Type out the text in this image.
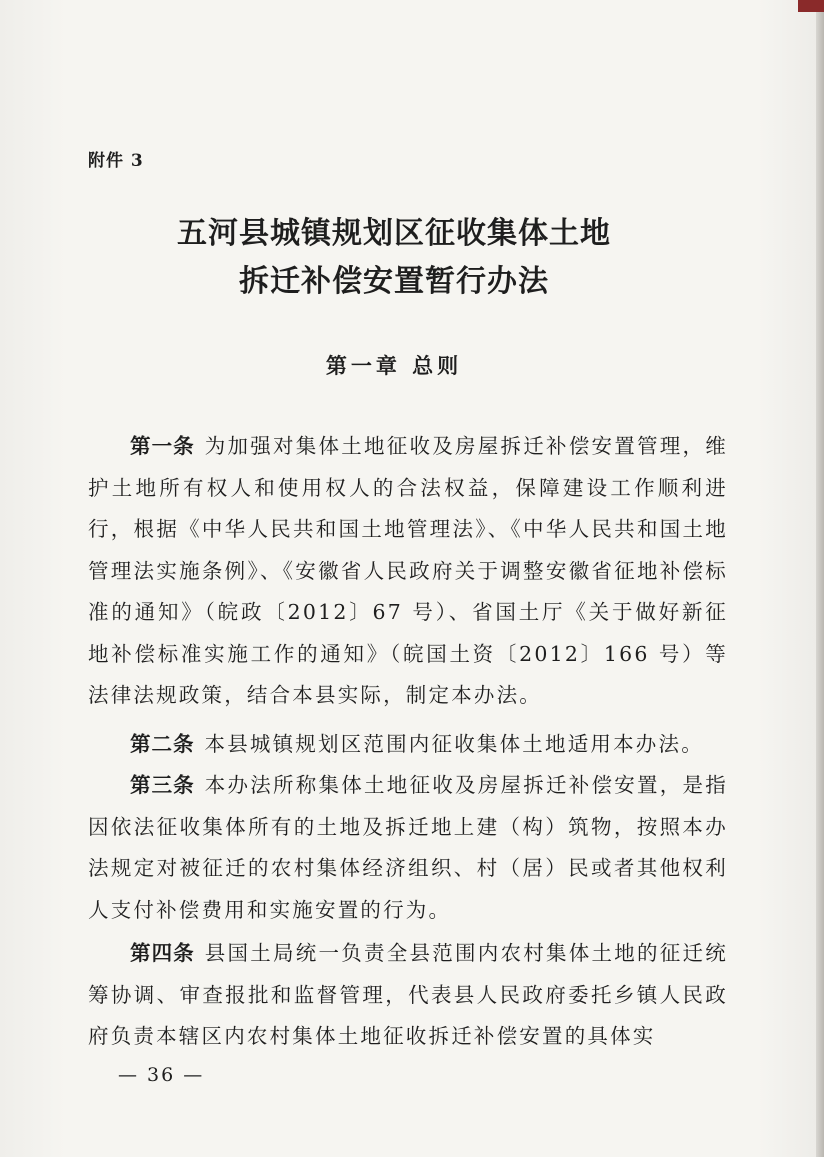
附件 3
五河县城镇规划区征收集体土地
拆迁补偿安置暂行办法
第一章 总则
第一条 为加强对集体土地征收及房屋拆迁补偿安置管理，维护土地所有权人和使用权人的合法权益，保障建设工作顺利进行，根据《中华人民共和国土地管理法》、《中华人民共和国土地管理法实施条例》、《安徽省人民政府关于调整安徽省征地补偿标准的通知》（皖政〔2012〕67 号）、省国土厅《关于做好新征地补偿标准实施工作的通知》（皖国土资〔2012〕166 号）等法律法规政策，结合本县实际，制定本办法。
第二条 本县城镇规划区范围内征收集体土地适用本办法。
第三条 本办法所称集体土地征收及房屋拆迁补偿安置，是指因依法征收集体所有的土地及拆迁地上建（构）筑物，按照本办法规定对被征迁的农村集体经济组织、村（居）民或者其他权利人支付补偿费用和实施安置的行为。
第四条 县国土局统一负责全县范围内农村集体土地的征迁统筹协调、审查报批和监督管理，代表县人民政府委托乡镇人民政府负责本辖区内农村集体土地征收拆迁补偿安置的具体实
— 36 —
